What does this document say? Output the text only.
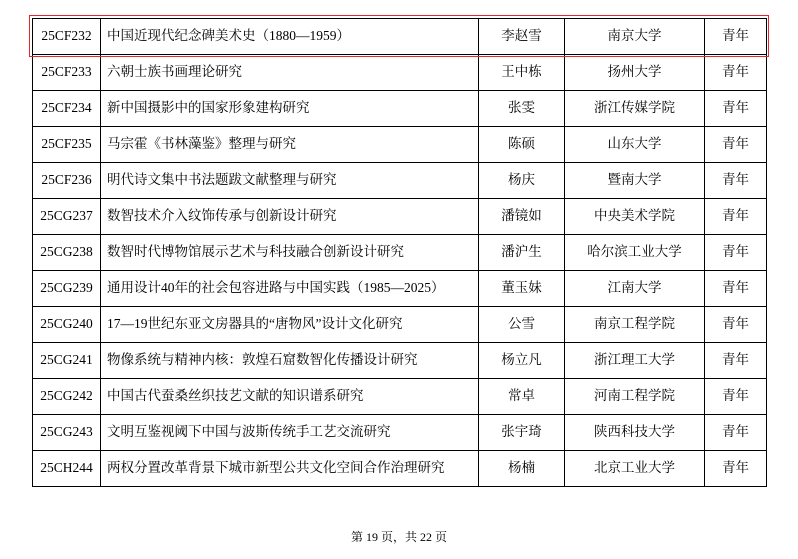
25CF232	中国近现代纪念碑美术史（1880—1959）	李赵雪	南京大学	青年
25CF233	六朝士族书画理论研究	王中栋	扬州大学	青年
25CF234	新中国摄影中的国家形象建构研究	张雯	浙江传媒学院	青年
25CF235	马宗霍《书林藻鉴》整理与研究	陈硕	山东大学	青年
25CF236	明代诗文集中书法题跋文献整理与研究	杨庆	暨南大学	青年
25CG237	数智技术介入纹饰传承与创新设计研究	潘镜如	中央美术学院	青年
25CG238	数智时代博物馆展示艺术与科技融合创新设计研究	潘沪生	哈尔滨工业大学	青年
25CG239	通用设计40年的社会包容进路与中国实践（1985—2025）	董玉妹	江南大学	青年
25CG240	17—19世纪东亚文房器具的“唐物风”设计文化研究	公雪	南京工程学院	青年
25CG241	物像系统与精神内核：敦煌石窟数智化传播设计研究	杨立凡	浙江理工大学	青年
25CG242	中国古代蚕桑丝织技艺文献的知识谱系研究	常卓	河南工程学院	青年
25CG243	文明互鉴视阈下中国与波斯传统手工艺交流研究	张宇琦	陕西科技大学	青年
25CH244	两权分置改革背景下城市新型公共文化空间合作治理研究	杨楠	北京工业大学	青年
第 19 页，共 22 页
